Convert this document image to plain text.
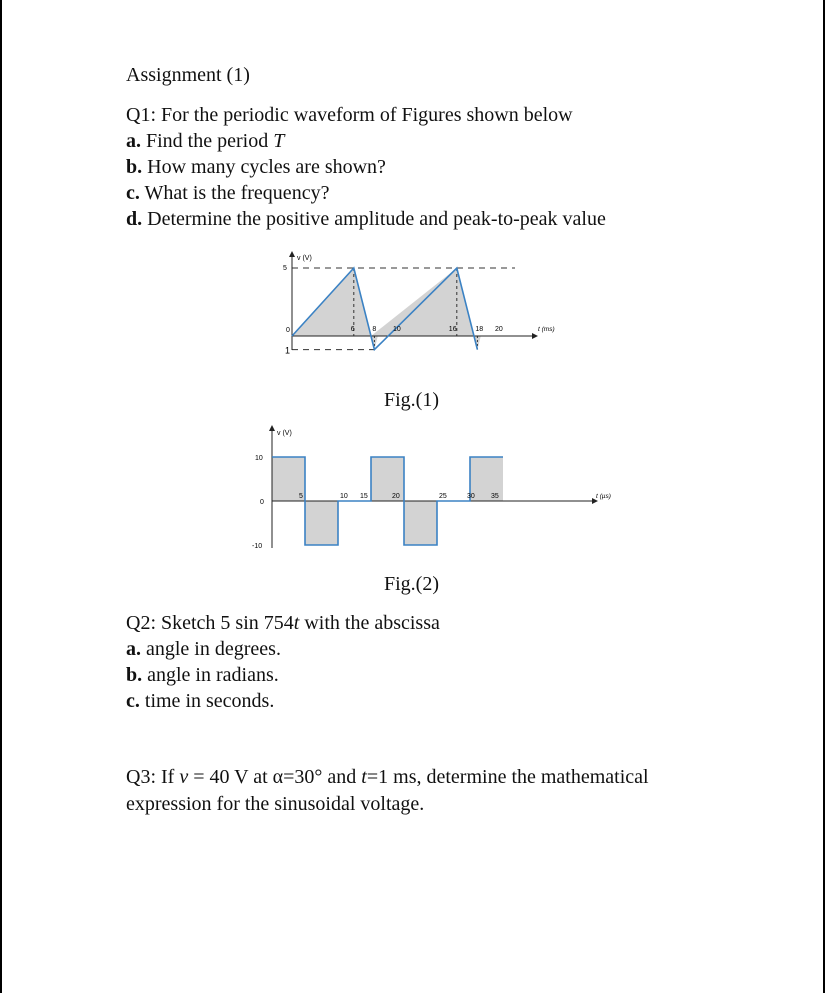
Assignment (1)
Q1: For the periodic waveform of Figures shown below
a. Find the period T
b. How many cycles are shown?
c. What is the frequency?
d. Determine the positive amplitude and peak-to-peak value
v (V)
5
0
1
6	8 10	16	18 20	t (ms)
Fig.(1)
v (V)
10
0
-10
5	10 15	20	25	30 35	t (µs)
Fig.(2)
Q2: Sketch 5 sin 754t with the abscissa
a. angle in degrees.
b. angle in radians.
c. time in seconds.
Q3: If v = 40 V at α=30° and t=1 ms, determine the mathematical expression for the sinusoidal voltage.
